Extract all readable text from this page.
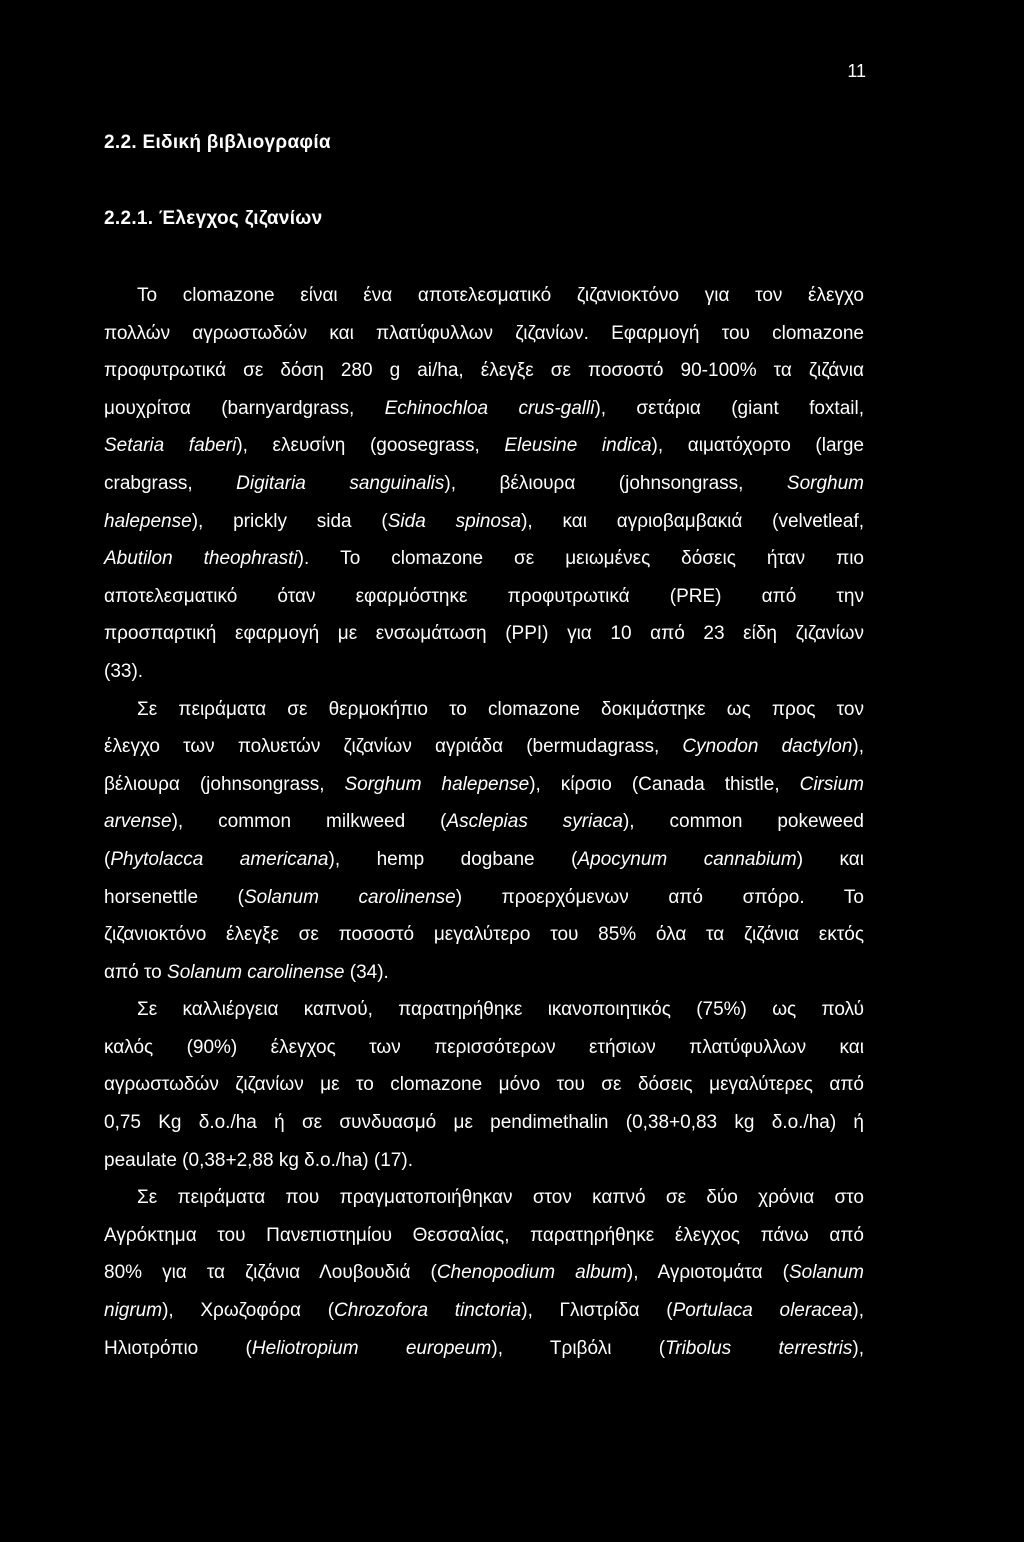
11
2.2. Ειδική βιβλιογραφία
2.2.1. Έλεγχος ζιζανίων
Το clomazone είναι ένα αποτελεσματικό ζιζανιοκτόνο για τον έλεγχο
πολλών αγρωστωδών και πλατύφυλλων ζιζανίων. Εφαρμογή του clomazone
προφυτρωτικά σε δόση 280 g ai/ha, έλεγξε σε ποσοστό 90-100% τα ζιζάνια
μουχρίτσα (barnyardgrass, Echinochloa crus-galli), σετάρια (giant foxtail,
Setaria faberi), ελευσίνη (goosegrass, Eleusine indica), αιματόχορτο (large
crabgrass, Digitaria sanguinalis), βέλιουρα (johnsongrass, Sorghum
halepense), prickly sida (Sida spinosa), και αγριοβαμβακιά (velvetleaf,
Abutilon theophrasti). Το clomazone σε μειωμένες δόσεις ήταν πιο
αποτελεσματικό όταν εφαρμόστηκε προφυτρωτικά (PRE) από την
προσπαρτική εφαρμογή με ενσωμάτωση (PPI) για 10 από 23 είδη ζιζανίων
(33).
Σε πειράματα σε θερμοκήπιο το clomazone δοκιμάστηκε ως προς τον
έλεγχο των πολυετών ζιζανίων αγριάδα (bermudagrass, Cynodon dactylon),
βέλιουρα (johnsongrass, Sorghum halepense), κίρσιο (Canada thistle, Cirsium
arvense), common milkweed (Asclepias syriaca), common pokeweed
(Phytolacca americana), hemp dogbane (Apocynum cannabium) και
horsenettle (Solanum carolinense) προερχόμενων από σπόρο. Το
ζιζανιοκτόνο έλεγξε σε ποσοστό μεγαλύτερο του 85% όλα τα ζιζάνια εκτός
από το Solanum carolinense (34).
Σε καλλιέργεια καπνού, παρατηρήθηκε ικανοποιητικός (75%) ως πολύ
καλός (90%) έλεγχος των περισσότερων ετήσιων πλατύφυλλων και
αγρωστωδών ζιζανίων με το clomazone μόνο του σε δόσεις μεγαλύτερες από
0,75 Kg δ.ο./ha ή σε συνδυασμό με pendimethalin (0,38+0,83 kg δ.ο./ha) ή
peaulate (0,38+2,88 kg δ.ο./ha) (17).
Σε πειράματα που πραγματοποιήθηκαν στον καπνό σε δύο χρόνια στο
Αγρόκτημα του Πανεπιστημίου Θεσσαλίας, παρατηρήθηκε έλεγχος πάνω από
80% για τα ζιζάνια Λουβουδιά (Chenopodium album), Αγριοτομάτα (Solanum
nigrum), Χρωζοφόρα (Chrozofora tinctoria), Γλιστρίδα (Portulaca oleracea),
Ηλιοτρόπιο (Heliotropium europeum), Τριβόλι (Tribolus terrestris),
